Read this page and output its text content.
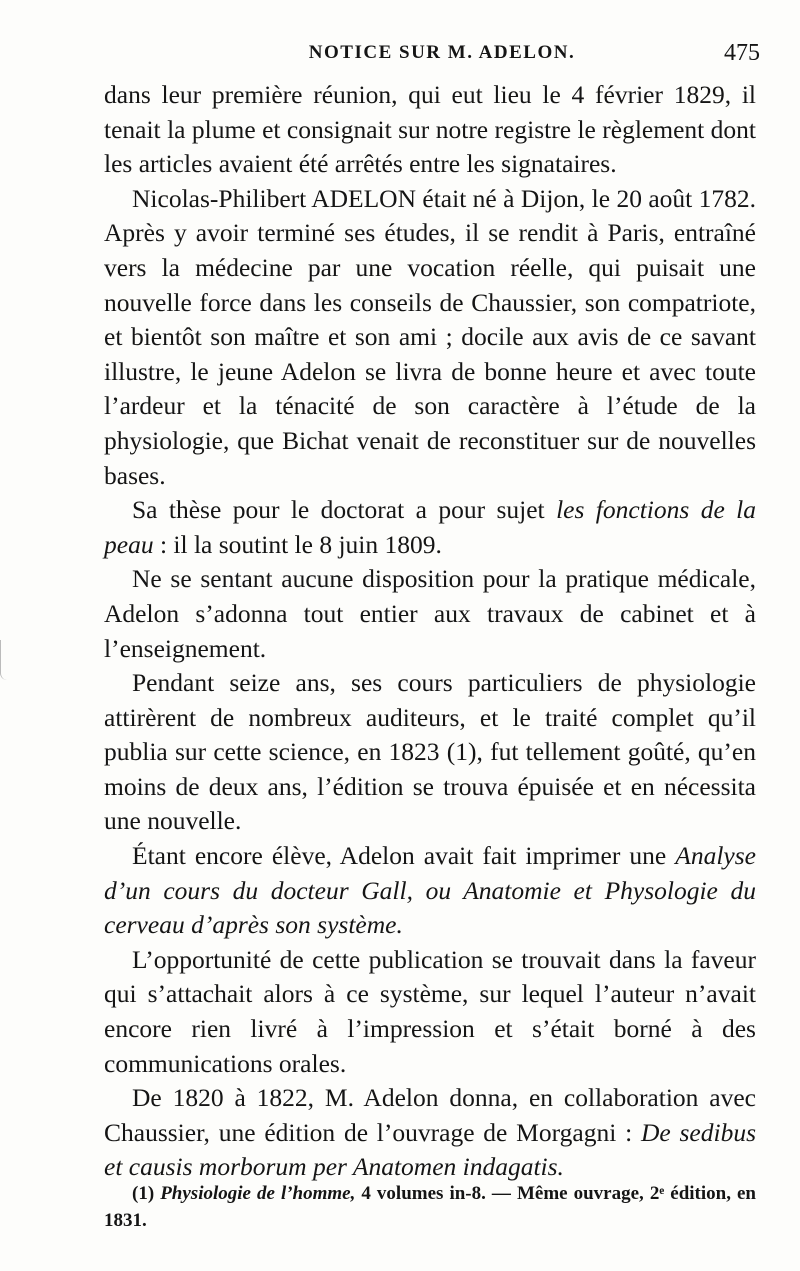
NOTICE SUR M. ADELON.	475

dans leur première réunion, qui eut lieu le 4 février 1829, il tenait la plume et consignait sur notre registre le règlement dont les articles avaient été arrêtés entre les signataires.

Nicolas-Philibert ADELON était né à Dijon, le 20 août 1782. Après y avoir terminé ses études, il se rendit à Paris, entraîné vers la médecine par une vocation réelle, qui puisait une nouvelle force dans les conseils de Chaussier, son compatriote, et bientôt son maître et son ami ; docile aux avis de ce savant illustre, le jeune Adelon se livra de bonne heure et avec toute l’ardeur et la ténacité de son caractère à l’étude de la physiologie, que Bichat venait de reconstituer sur de nouvelles bases.

Sa thèse pour le doctorat a pour sujet les fonctions de la peau : il la soutint le 8 juin 1809.

Ne se sentant aucune disposition pour la pratique médicale, Adelon s’adonna tout entier aux travaux de cabinet et à l’enseignement.

Pendant seize ans, ses cours particuliers de physiologie attirèrent de nombreux auditeurs, et le traité complet qu’il publia sur cette science, en 1823 (1), fut tellement goûté, qu’en moins de deux ans, l’édition se trouva épuisée et en nécessita une nouvelle.

Étant encore élève, Adelon avait fait imprimer une Analyse d’un cours du docteur Gall, ou Anatomie et Physologie du cerveau d’après son système.

L’opportunité de cette publication se trouvait dans la faveur qui s’attachait alors à ce système, sur lequel l’auteur n’avait encore rien livré à l’impression et s’était borné à des communications orales.

De 1820 à 1822, M. Adelon donna, en collaboration avec Chaussier, une édition de l’ouvrage de Morgagni : De sedibus et causis morborum per Anatomen indagatis.

(1) Physiologie de l’homme, 4 volumes in-8. — Même ouvrage, 2ᵉ édition, en 1831.
